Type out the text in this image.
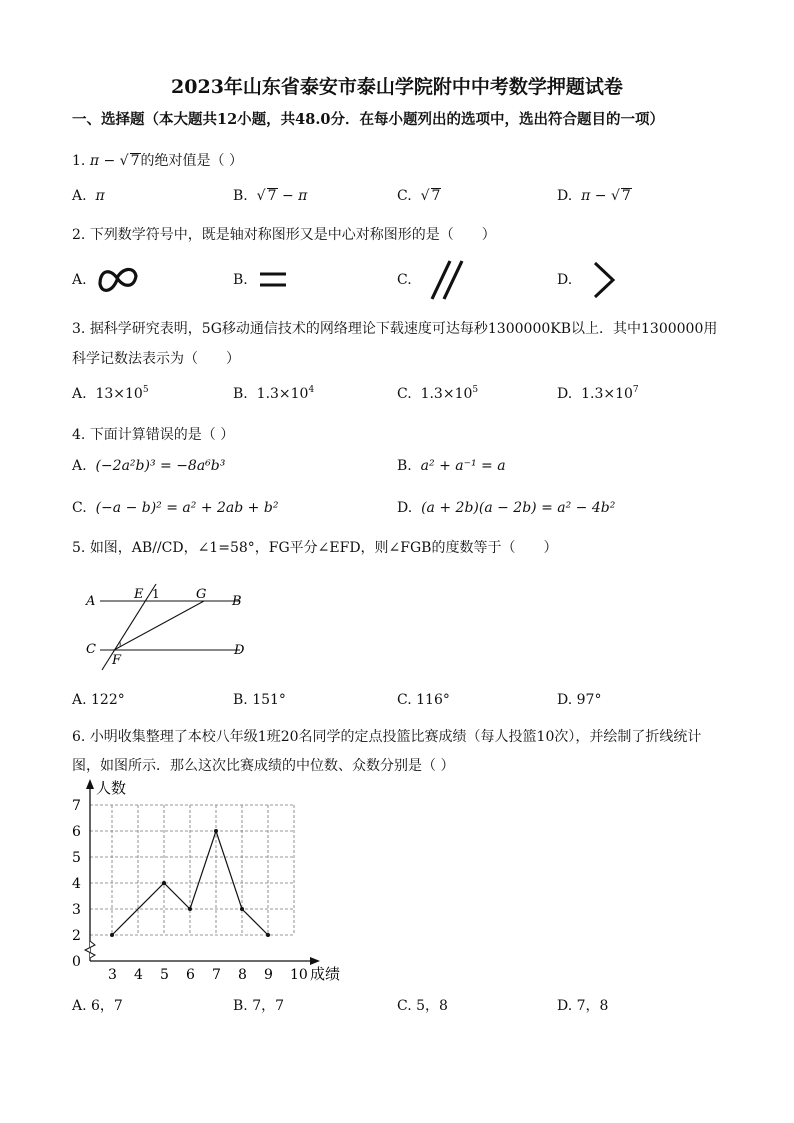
2023年山东省泰安市泰山学院附中中考数学押题试卷
一、选择题（本大题共12小题，共48.0分．在每小题列出的选项中，选出符合题目的一项）
1. π − √ 7的绝对值是（ ）
A. π	B. √ 7 − π	C. √ 7	D. π − √ 7
2. 下列数学符号中，既是轴对称图形又是中心对称图形的是（　　）
A.	B.	C.	D.
3. 据科学研究表明，5G移动通信技术的网络理论下载速度可达每秒1300000KB以上．其中1300000用
科学记数法表示为（　　）
A. $13\times 10^5$	B. $1.3\times 10^4$	C. $1.3\times 10^5$	D. $1.3\times 10^7$
4. 下面计算错误的是（ ）
A. (−2a²b)³ = −8a⁶b³	B. a² + a⁻¹ = a
C. (−a − b)² = a² + 2ab + b²	D. (a + 2b)(a − 2b) = a² − 4b²
5. 如图，AB//CD，∠1=58°，FG平分∠EFD，则∠FGB的度数等于（　　）
A	B
C	D
E 1	G
F
A. 122°	B. 151°	C. 116°	D. 97°
6. 小明收集整理了本校八年级1班20名同学的定点投篮比赛成绩（每人投篮10次），并绘制了折线统计
图，如图所示．那么这次比赛成绩的中位数、众数分别是（ ）
3 4 5 6 7 8 9 10
0
2
3
4
5
6
7
人数
成绩
A. 6，7	B. 7，7	C. 5，8	D. 7，8
